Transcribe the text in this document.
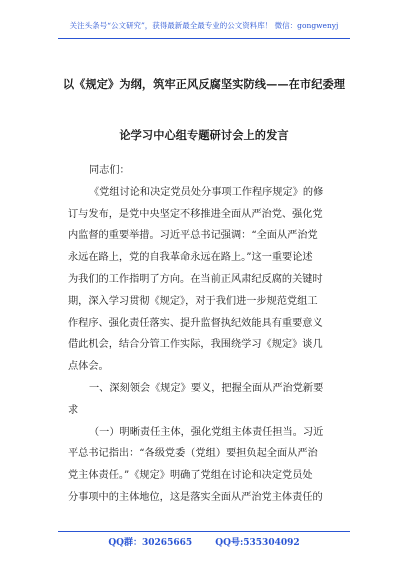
关注头条号“公文研究”，获得最新最全最专业的公文资料库！ 微信：gongwenyj
以《规定》为纲，筑牢正风反腐坚实防线——在市纪委理
论学习中心组专题研讨会上的发言
同志们：
《党组讨论和决定党员处分事项工作程序规定》的修
订与发布，是党中央坚定不移推进全面从严治党、强化党
内监督的重要举措。习近平总书记强调：“全面从严治党
永远在路上，党的自我革命永远在路上。”这一重要论述
为我们的工作指明了方向。在当前正风肃纪反腐的关键时
期，深入学习贯彻《规定》，对于我们进一步规范党组工
作程序、强化责任落实、提升监督执纪效能具有重要意义
借此机会，结合分管工作实际，我围绕学习《规定》谈几
点体会。
一、深刻领会《规定》要义，把握全面从严治党新要
求
（一）明晰责任主体，强化党组主体责任担当。习近
平总书记指出：“各级党委（党组）要担负起全面从严治
党主体责任。”《规定》明确了党组在讨论和决定党员处
分事项中的主体地位，这是落实全面从严治党主体责任的
QQ群：30265665	QQ号:535304092
